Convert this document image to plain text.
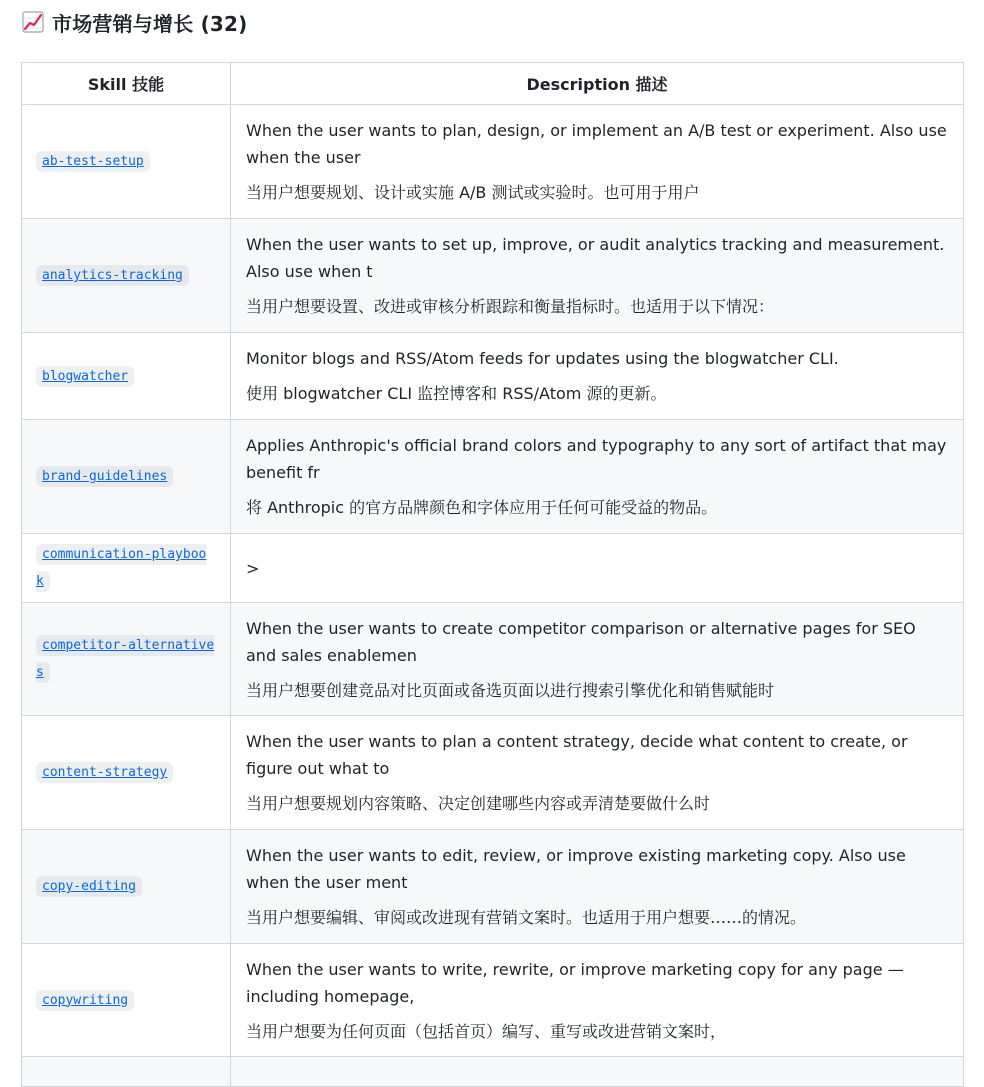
市场营销与增长 (32)
Skill 技能	Description 描述
ab-test-setup	When the user wants to plan, design, or implement an A/B test or experiment. Also use when the user

当用户想要规划、设计或实施 A/B 测试或实验时。也可用于用户

analytics-tracking	When the user wants to set up, improve, or audit analytics tracking and measurement. Also use when t

当用户想要设置、改进或审核分析跟踪和衡量指标时。也适用于以下情况：

blogwatcher	Monitor blogs and RSS/Atom feeds for updates using the blogwatcher CLI.

使用 blogwatcher CLI 监控博客和 RSS/Atom 源的更新。

brand-guidelines	Applies Anthropic's official brand colors and typography to any sort of artifact that may benefit fr

将 Anthropic 的官方品牌颜色和字体应用于任何可能受益的物品。

communication-playbook	>

competitor-alternatives	When the user wants to create competitor comparison or alternative pages for SEO and sales enablemen

当用户想要创建竞品对比页面或备选页面以进行搜索引擎优化和销售赋能时

content-strategy	When the user wants to plan a content strategy, decide what content to create, or figure out what to

当用户想要规划内容策略、决定创建哪些内容或弄清楚要做什么时

copy-editing	When the user wants to edit, review, or improve existing marketing copy. Also use when the user ment

当用户想要编辑、审阅或改进现有营销文案时。也适用于用户想要……的情况。

copywriting	When the user wants to write, rewrite, or improve marketing copy for any page — including homepage,

当用户想要为任何页面（包括首页）编写、重写或改进营销文案时，
